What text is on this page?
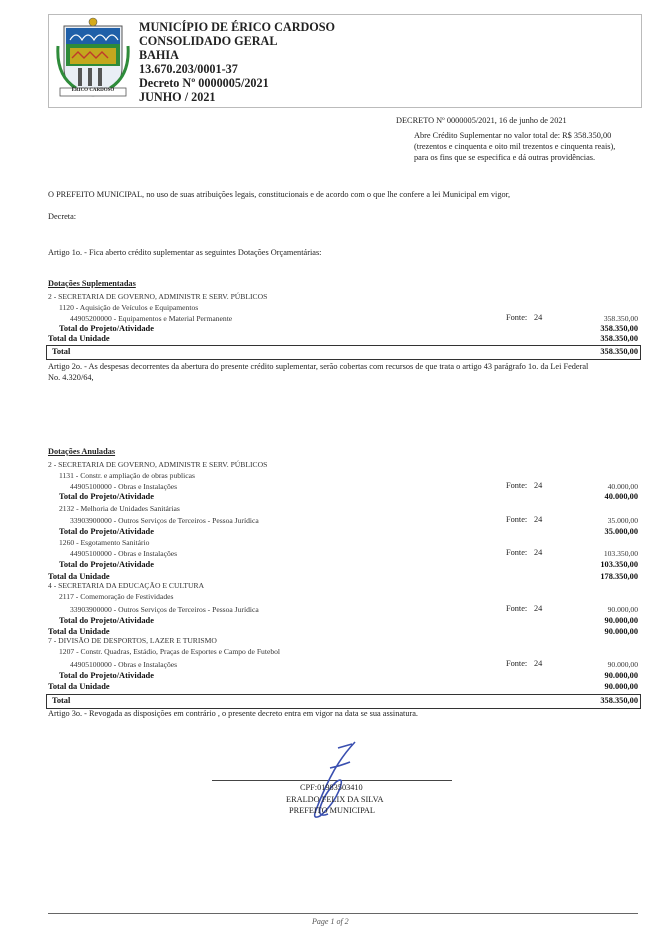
ÉRICO CARDOSO
MUNICÍPIO DE ÉRICO CARDOSO
CONSOLIDADO GERAL
BAHIA
13.670.203/0001-37
Decreto Nº 0000005/2021
JUNHO / 2021
DECRETO Nº 0000005/2021, 16 de junho de 2021
Abre Crédito Suplementar no valor total de: R$ 358.350,00
(trezentos e cinquenta e oito mil trezentos e cinquenta reais),
para os fins que se especifica e dá outras providências.
O PREFEITO MUNICIPAL, no uso de suas atribuições legais, constitucionais e de acordo com o que lhe confere a lei Municipal em vigor,
Decreta:
Artigo 1o. - Fica aberto crédito suplementar as seguintes Dotações Orçamentárias:
Dotações Suplementadas
2 - SECRETARIA DE GOVERNO, ADMINISTR E SERV. PÚBLICOS
1120 - Aquisição de Veículos e Equipamentos
44905200000 - Equipamentos e Material Permanente	Fonte: 24	358.350,00
Total do Projeto/Atividade	358.350,00
Total da Unidade	358.350,00
Total	358.350,00
Artigo 2o. - As despesas decorrentes da abertura do presente crédito suplementar, serão cobertas com recursos de que trata o artigo 43 parágrafo 1o. da Lei Federal
No. 4.320/64,
Dotações Anuladas
2 - SECRETARIA DE GOVERNO, ADMINISTR E SERV. PÚBLICOS
1131 - Constr. e ampliação de obras publicas
44905100000 - Obras e Instalações	Fonte: 24	40.000,00
Total do Projeto/Atividade	40.000,00
2132 - Melhoria de Unidades Sanitárias
33903900000 - Outros Serviços de Terceiros - Pessoa Jurídica	Fonte: 24	35.000,00
Total do Projeto/Atividade	35.000,00
1260 - Esgotamento Sanitário
44905100000 - Obras e Instalações	Fonte: 24	103.350,00
Total do Projeto/Atividade	103.350,00
Total da Unidade	178.350,00
4 - SECRETARIA DA EDUCAÇÃO E CULTURA
2117 - Comemoração de Festividades
33903900000 - Outros Serviços de Terceiros - Pessoa Jurídica	Fonte: 24	90.000,00
Total do Projeto/Atividade	90.000,00
Total da Unidade	90.000,00
7 - DIVISÃO DE DESPORTOS, LAZER E TURISMO
1207 - Constr. Quadras, Estádio, Praças de Esportes e Campo de Futebol
44905100000 - Obras e Instalações	Fonte: 24	90.000,00
Total do Projeto/Atividade	90.000,00
Total da Unidade	90.000,00
Total	358.350,00
Artigo 3o. - Revogada as disposições em contrário , o presente decreto entra em vigor na data se sua assinatura.
CPF:01983503410
ERALDO FELIX DA SILVA
PREFEITO MUNICIPAL
Page 1 of 2
